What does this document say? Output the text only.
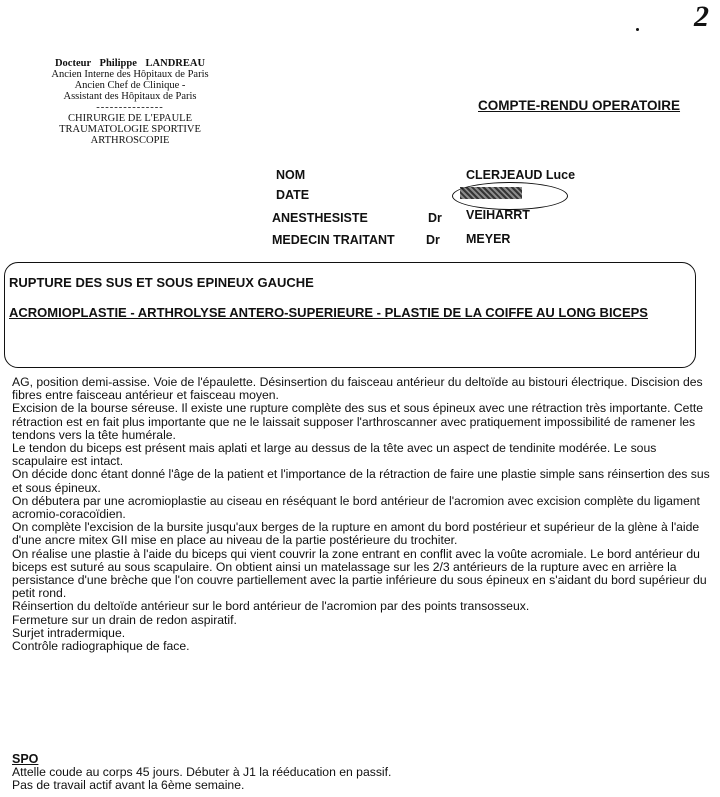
2
Docteur Philippe LANDREAU
Ancien Interne des Hôpitaux de Paris
Ancien Chef de Clinique -
Assistant des Hôpitaux de Paris
---------------
CHIRURGIE DE L'EPAULE
TRAUMATOLOGIE SPORTIVE
ARTHROSCOPIE
COMPTE-RENDU OPERATOIRE
NOM	CLERJEAUD Luce
DATE
ANESTHESISTE	Dr VEIHARRT
MEDECIN TRAITANT	Dr MEYER
RUPTURE DES SUS ET SOUS EPINEUX GAUCHE
ACROMIOPLASTIE - ARTHROLYSE ANTERO-SUPERIEURE - PLASTIE DE LA COIFFE AU LONG BICEPS

AG, position demi-assise. Voie de l'épaulette. Désinsertion du faisceau antérieur du deltoïde au bistouri électrique. Discision des fibres entre faisceau antérieur et faisceau moyen.

Excision de la bourse séreuse. Il existe une rupture complète des sus et sous épineux avec une rétraction très importante. Cette rétraction est en fait plus importante que ne le laissait supposer l'arthroscanner avec pratiquement impossibilité de ramener les tendons vers la tête humérale.

Le tendon du biceps est présent mais aplati et large au dessus de la tête avec un aspect de tendinite modérée. Le sous scapulaire est intact.

On décide donc étant donné l'âge de la patient et l'importance de la rétraction de faire une plastie simple sans réinsertion des sus et sous épineux.

On débutera par une acromioplastie au ciseau en réséquant le bord antérieur de l'acromion avec excision complète du ligament acromio-coracoïdien.

On complète l'excision de la bursite jusqu'aux berges de la rupture en amont du bord postérieur et supérieur de la glène à l'aide d'une ancre mitex GII mise en place au niveau de la partie postérieure du trochiter.

On réalise une plastie à l'aide du biceps qui vient couvrir la zone entrant en conflit avec la voûte acromiale. Le bord antérieur du biceps est suturé au sous scapulaire. On obtient ainsi un matelassage sur les 2/3 antérieurs de la rupture avec en arrière la persistance d'une brèche que l'on couvre partiellement avec la partie inférieure du sous épineux en s'aidant du bord supérieur du petit rond.

Réinsertion du deltoïde antérieur sur le bord antérieur de l'acromion par des points transosseux.

Fermeture sur un drain de redon aspiratif.

Surjet intradermique.

Contrôle radiographique de face.

SPO

Attelle coude au corps 45 jours. Débuter à J1 la rééducation en passif.

Pas de travail actif avant la 6ème semaine.
